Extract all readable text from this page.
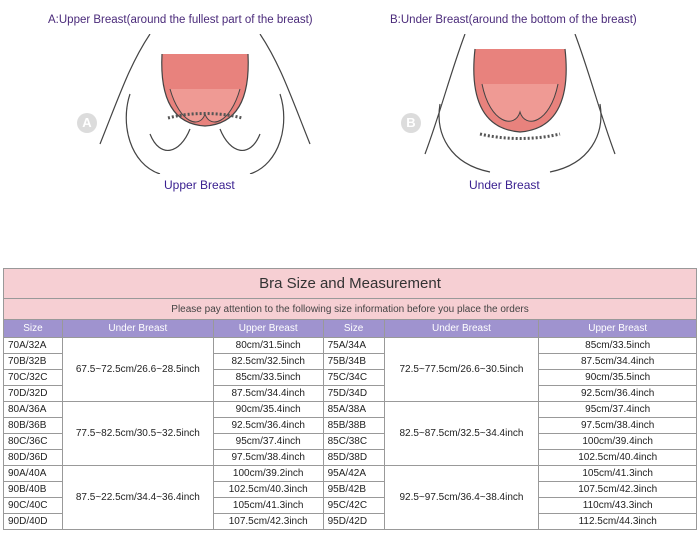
A:Upper Breast(around the fullest part of the breast)
A
Upper Breast
B:Under Breast(around the bottom of the breast)
B
Under Breast
Bra Size and Measurement					
Please pay attention to the following size information before you place the orders					
Size	Under Breast	Upper Breast	Size	Under Breast	Upper Breast
70A/32A	67.5~72.5cm/26.6~28.5inch	80cm/31.5inch	75A/34A	72.5~77.5cm/26.6~30.5inch	85cm/33.5inch
70B/32B		82.5cm/32.5inch	75B/34B		87.5cm/34.4inch
70C/32C		85cm/33.5inch	75C/34C		90cm/35.5inch
70D/32D		87.5cm/34.4inch	75D/34D		92.5cm/36.4inch
80A/36A	77.5~82.5cm/30.5~32.5inch	90cm/35.4inch	85A/38A	82.5~87.5cm/32.5~34.4inch	95cm/37.4inch
80B/36B		92.5cm/36.4inch	85B/38B		97.5cm/38.4inch
80C/36C		95cm/37.4inch	85C/38C		100cm/39.4inch
80D/36D		97.5cm/38.4inch	85D/38D		102.5cm/40.4inch
90A/40A	87.5~22.5cm/34.4~36.4inch	100cm/39.2inch	95A/42A	92.5~97.5cm/36.4~38.4inch	105cm/41.3inch
90B/40B		102.5cm/40.3inch	95B/42B		107.5cm/42.3inch
90C/40C		105cm/41.3inch	95C/42C		110cm/43.3inch
90D/40D		107.5cm/42.3inch	95D/42D		112.5cm/44.3inch
